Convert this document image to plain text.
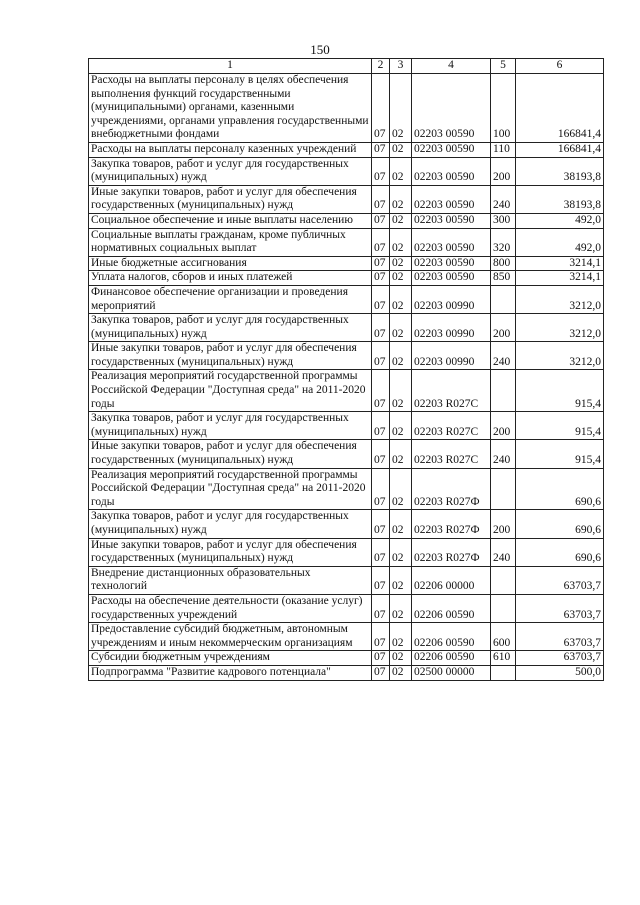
150
1	2	3	4	5	6
Расходы на выплаты персоналу в целях обеспечения выполнения функций государственными (муниципальными) органами, казенными учреждениями, органами управления государственными внебюджетными фондами	07	02	02203 00590	100	166841,4
Расходы на выплаты персоналу казенных учреждений	07	02	02203 00590	110	166841,4
Закупка товаров, работ и услуг для государственных (муниципальных) нужд	07	02	02203 00590	200	38193,8
Иные закупки товаров, работ и услуг для обеспечения государственных (муниципальных) нужд	07	02	02203 00590	240	38193,8
Социальное обеспечение и иные выплаты населению	07	02	02203 00590	300	492,0
Социальные выплаты гражданам, кроме публичных нормативных социальных выплат	07	02	02203 00590	320	492,0
Иные бюджетные ассигнования	07	02	02203 00590	800	3214,1
Уплата налогов, сборов и иных платежей	07	02	02203 00590	850	3214,1
Финансовое обеспечение организации и проведения мероприятий	07	02	02203 00990		3212,0
Закупка товаров, работ и услуг для государственных (муниципальных) нужд	07	02	02203 00990	200	3212,0
Иные закупки товаров, работ и услуг для обеспечения государственных (муниципальных) нужд	07	02	02203 00990	240	3212,0
Реализация мероприятий государственной программы Российской Федерации "Доступная среда" на 2011-2020 годы	07	02	02203 R027С		915,4
Закупка товаров, работ и услуг для государственных (муниципальных) нужд	07	02	02203 R027С	200	915,4
Иные закупки товаров, работ и услуг для обеспечения государственных (муниципальных) нужд	07	02	02203 R027С	240	915,4
Реализация мероприятий государственной программы Российской Федерации "Доступная среда" на 2011-2020 годы	07	02	02203 R027Ф		690,6
Закупка товаров, работ и услуг для государственных (муниципальных) нужд	07	02	02203 R027Ф	200	690,6
Иные закупки товаров, работ и услуг для обеспечения государственных (муниципальных) нужд	07	02	02203 R027Ф	240	690,6
Внедрение дистанционных образовательных технологий	07	02	02206 00000		63703,7
Расходы на обеспечение деятельности (оказание услуг) государственных учреждений	07	02	02206 00590		63703,7
Предоставление субсидий бюджетным, автономным учреждениям и иным некоммерческим организациям	07	02	02206 00590	600	63703,7
Субсидии бюджетным учреждениям	07	02	02206 00590	610	63703,7
Подпрограмма "Развитие кадрового потенциала"	07	02	02500 00000		500,0
